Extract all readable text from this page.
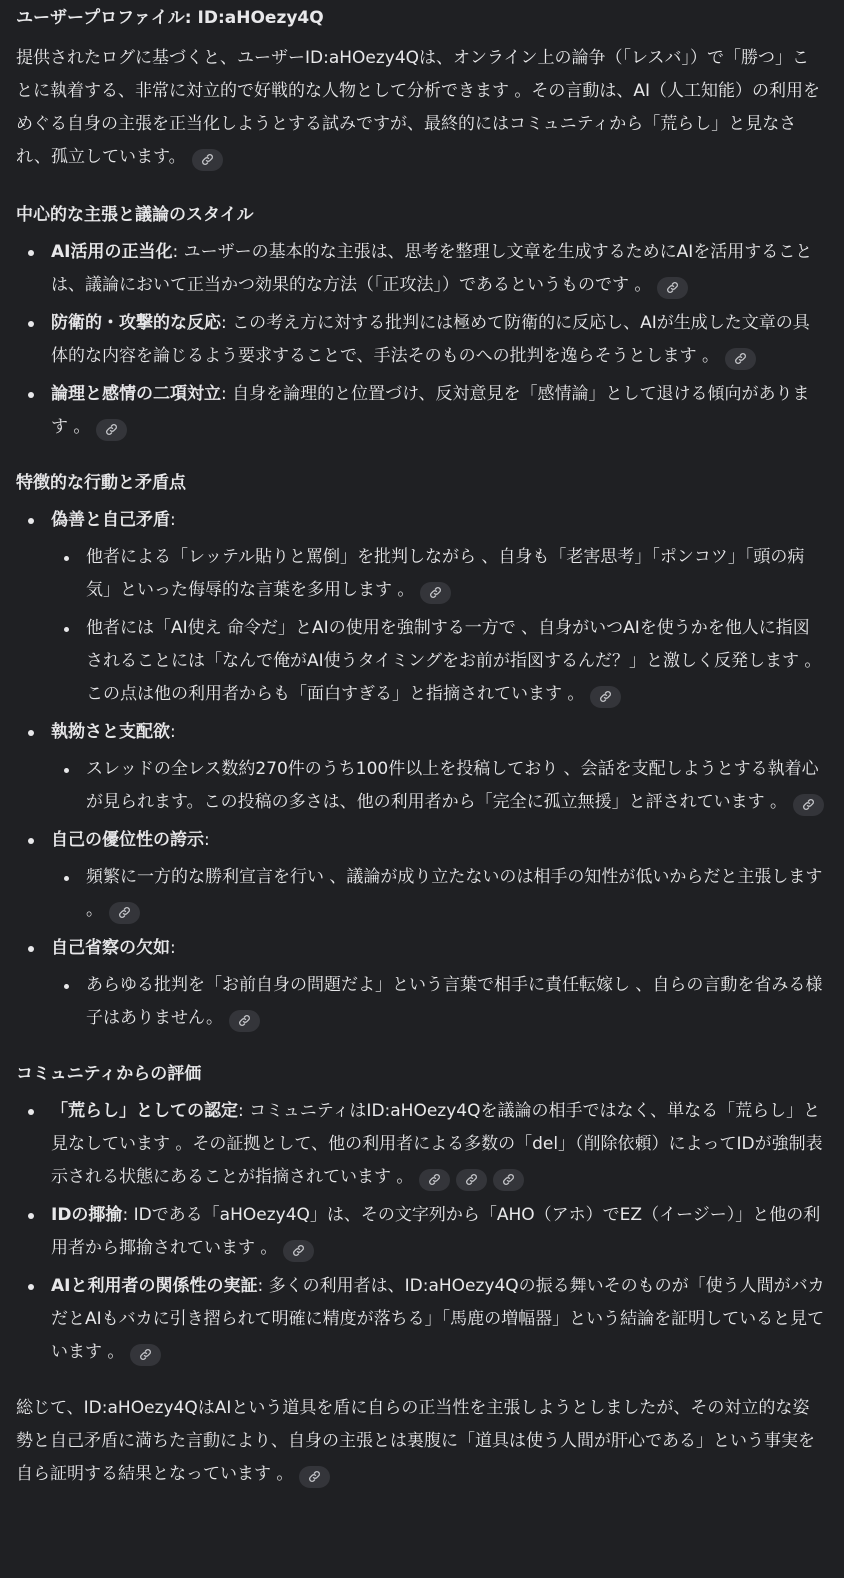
ユーザープロファイル: ID:aHOezy4Q

提供されたログに基づくと、ユーザーID:aHOezy4Qは、オンライン上の論争（「レスバ」）で「勝つ」ことに執着する、非常に対立的で好戦的な人物として分析できます 。その言動は、AI（人工知能）の利用をめぐる自身の主張を正当化しようとする試みですが、最終的にはコミュニティから「荒らし」と見なされ、孤立しています。

中心的な主張と議論のスタイル
AI活用の正当化: ユーザーの基本的な主張は、思考を整理し文章を生成するためにAIを活用することは、議論において正当かつ効果的な方法（「正攻法」）であるというものです 。
防衛的・攻撃的な反応: この考え方に対する批判には極めて防衛的に反応し、AIが生成した文章の具体的な内容を論じるよう要求することで、手法そのものへの批判を逸らそうとします 。
論理と感情の二項対立: 自身を論理的と位置づけ、反対意見を「感情論」として退ける傾向があります 。
特徴的な行動と矛盾点
偽善と自己矛盾:
他者による「レッテル貼りと罵倒」を批判しながら 、自身も「老害思考」「ポンコツ」「頭の病気」といった侮辱的な言葉を多用します 。
他者には「AI使え 命令だ」とAIの使用を強制する一方で 、自身がいつAIを使うかを他人に指図されることには「なんで俺がAI使うタイミングをお前が指図するんだ？」と激しく反発します 。この点は他の利用者からも「面白すぎる」と指摘されています 。
執拗さと支配欲:
スレッドの全レス数約270件のうち100件以上を投稿しており 、会話を支配しようとする執着心が見られます。この投稿の多さは、他の利用者から「完全に孤立無援」と評されています 。
自己の優位性の誇示:
頻繁に一方的な勝利宣言を行い 、議論が成り立たないのは相手の知性が低いからだと主張します 。
自己省察の欠如:
あらゆる批判を「お前自身の問題だよ」という言葉で相手に責任転嫁し 、自らの言動を省みる様子はありません。
コミュニティからの評価
「荒らし」としての認定: コミュニティはID:aHOezy4Qを議論の相手ではなく、単なる「荒らし」と見なしています 。その証拠として、他の利用者による多数の「del」（削除依頼）によってIDが強制表示される状態にあることが指摘されています 。
IDの揶揄: IDである「aHOezy4Q」は、その文字列から「AHO（アホ）でEZ（イージー）」と他の利用者から揶揄されています 。
AIと利用者の関係性の実証: 多くの利用者は、ID:aHOezy4Qの振る舞いそのものが「使う人間がバカだとAIもバカに引き摺られて明確に精度が落ちる」「馬鹿の増幅器」という結論を証明していると見ています 。

総じて、ID:aHOezy4QはAIという道具を盾に自らの正当性を主張しようとしましたが、その対立的な姿勢と自己矛盾に満ちた言動により、自身の主張とは裏腹に「道具は使う人間が肝心である」という事実を自ら証明する結果となっています 。
